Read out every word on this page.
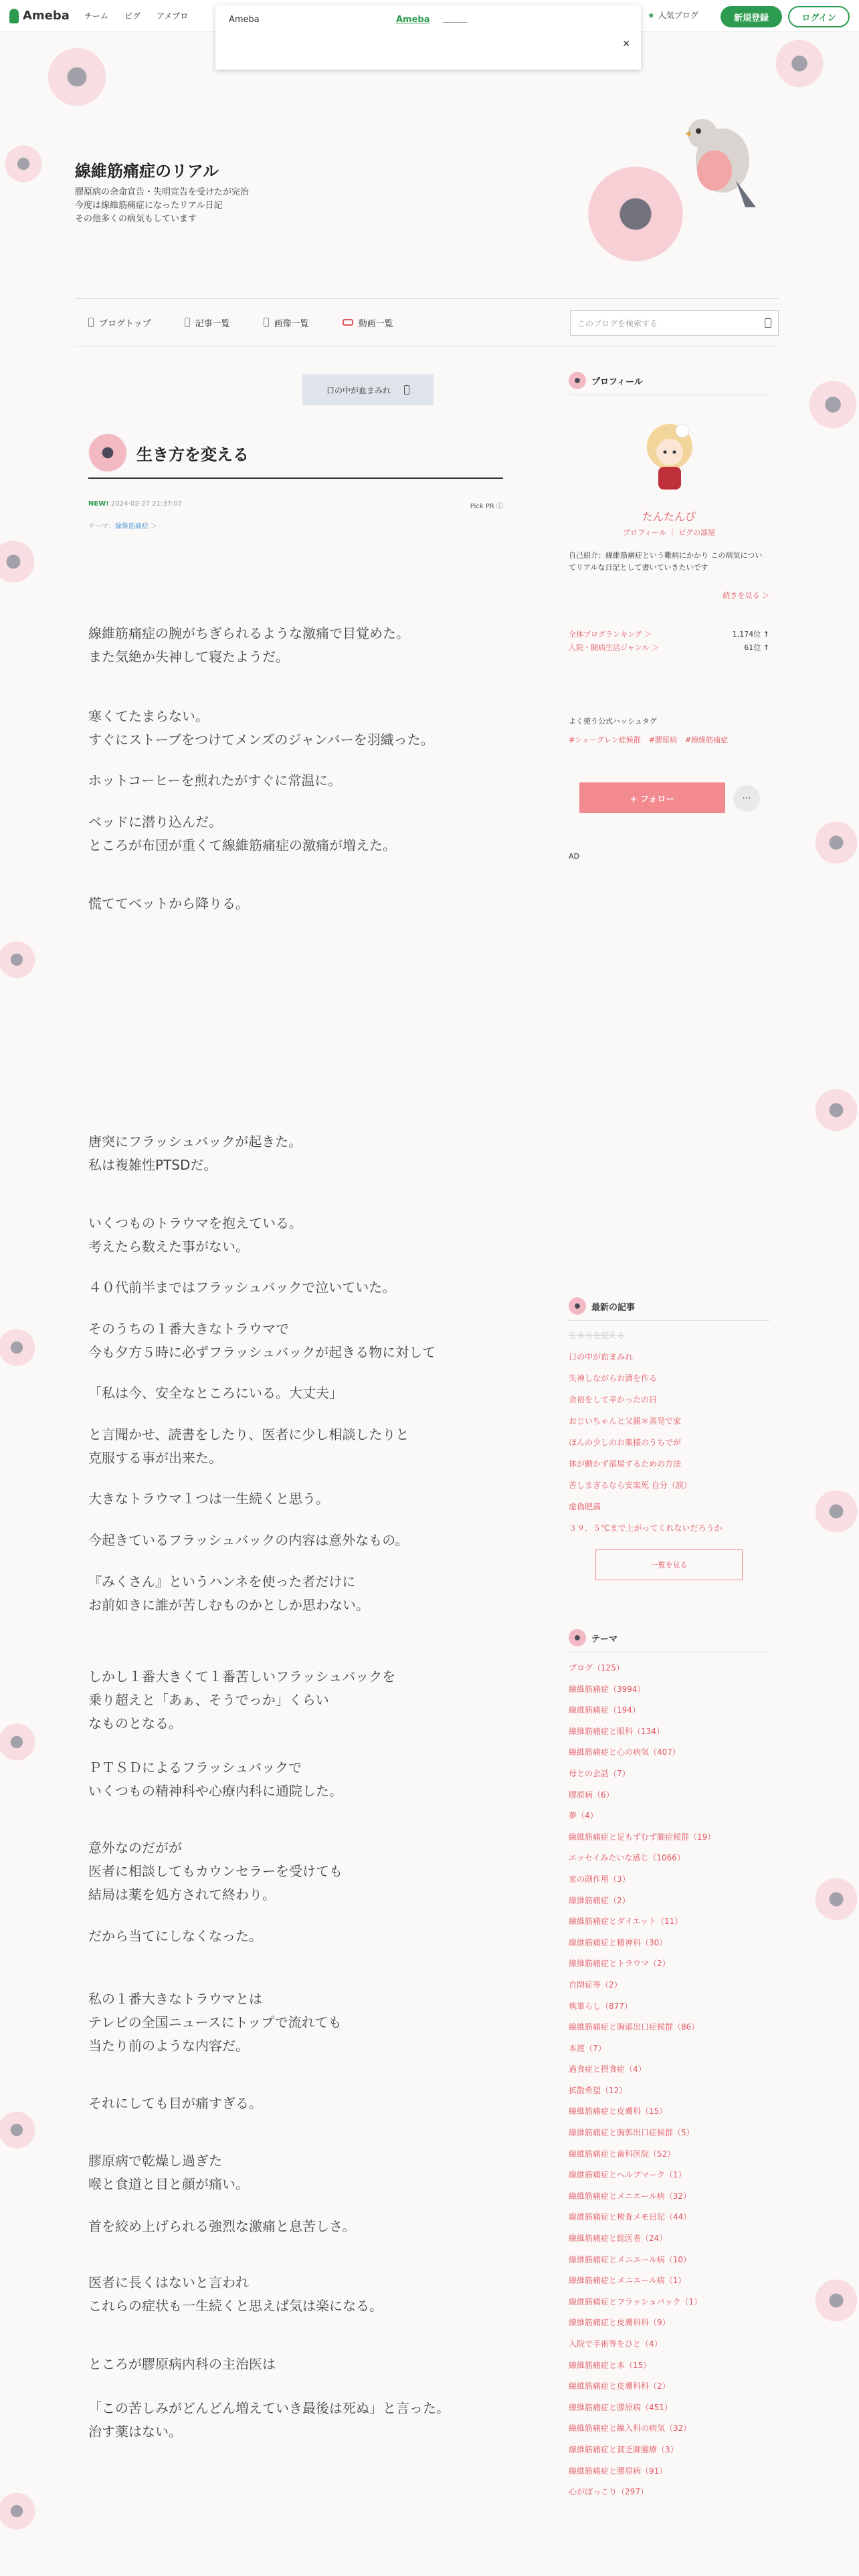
Ameba チーム ピグ アメプロ	★ 人気ブログ	新規登録	ログイン
Ameba	Ameba
✕
線維筋痛症のリアル
膠原病の余命宣告・失明宣告を受けたが完治
今度は線維筋痛症になったリアル日記
その他多くの病気もしています
ブログトップ	記事一覧	画像一覧	動画一覧	このブログを検索する
口の中が血まみれ
生き方を変える
NEW! 2024-02-27 21:37:07	Pick PR ⓘ
テーマ：線維筋痛症 ＞
線維筋痛症の腕がちぎられるような激痛で目覚めた。
また気絶か失神して寝たようだ。
寒くてたまらない。
すぐにストーブをつけてメンズのジャンバーを羽織った。
ホットコーヒーを煎れたがすぐに常温に。
ベッドに潜り込んだ。
ところが布団が重くて線維筋痛症の激痛が増えた。
慌ててベットから降りる。
唐突にフラッシュバックが起きた。
私は複雑性PTSDだ。
いくつものトラウマを抱えている。
考えたら数えた事がない。
４０代前半まではフラッシュバックで泣いていた。
そのうちの１番大きなトラウマで
今も夕方５時に必ずフラッシュバックが起きる物に対して
「私は今、安全なところにいる。大丈夫」
と言聞かせ、読書をしたり、医者に少し相談したりと
克服する事が出来た。
大きなトラウマ１つは一生続くと思う。
今起きているフラッシュバックの内容は意外なもの。
『みくさん』というハンネを使った者だけに
お前如きに誰が苦しむものかとしか思わない。
しかし１番大きくて１番苦しいフラッシュバックを
乗り超えと「あぁ、そうでっか」くらい
なものとなる。
ＰＴＳＤによるフラッシュバックで
いくつもの精神科や心療内科に通院した。
意外なのだがが
医者に相談してもカウンセラーを受けても
結局は薬を処方されて終わり。
だから当てにしなくなった。
私の１番大きなトラウマとは
テレビの全国ニュースにトップで流れても
当たり前のような内容だ。
それにしても目が痛すぎる。
膠原病で乾燥し過ぎた
喉と食道と目と顔が痛い。
首を絞め上げられる強烈な激痛と息苦しさ。
医者に長くはないと言われ
これらの症状も一生続くと思えば気は楽になる。
ところが膠原病内科の主治医は
「この苦しみがどんどん増えていき最後は死ぬ」と言った。
治す薬はない。
プロフィール
たんたんぴ
プロフィール ｜ ピグの部屋
自己紹介：線維筋痛症という難病にかかり この病気についてリアルな日記として書いていきたいです
続きを見る ＞
全体ブログランキング ＞	1,174位 ↑
入院・闘病生活ジャンル ＞	61位 ↑
よく使う公式ハッシュタグ
#シェーグレン症候群 #膠原病 #線維筋痛症
+ フォロー	···
AD
最新の記事
生き方を変える
口の中が血まみれ
失神しながらお酒を作る
余裕をして辛かったの日
おじいちゃんと父親＊蒸発で家
ほんの少しのお薬様のうちでが
体が動かず部屋するための方法
苦しまぎるなら安楽死 自分（涙）
虚偽肥満
３９．５℃まで上がってくれないだろうか
一覧を見る
テーマ
ブログ（125）
線維筋痛症（3994）
線維筋痛症（194）
線維筋痛症と眼科（134）
線維筋痛症と心の病気（407）
母との会話（7）
膠原病（6）
夢（4）
線維筋痛症と足もずむず脚症候群（19）
エッセイみたいな感じ（1066）
家の副作用（3）
線維筋痛症（2）
線維筋痛症とダイエット（11）
線維筋痛症と精神科（30）
線維筋痛症とトラウマ（2）
自閉症等（2）
執筆らし（877）
線維筋痛症と胸部出口症候群（86）
本渡（7）
過食症と摂食症（4）
拡散希望（12）
線維筋痛症と皮膚科（15）
線維筋痛症と胸郭出口症候群（5）
線維筋痛症と歯科医院（52）
線維筋痛症とヘルプマーク（1）
線維筋痛症とメニエール病（32）
線維筋痛症と検査メモ日記（44）
線維筋痛症と総医者（24）
線維筋痛症とメニエール病（10）
線維筋痛症とメニエール病（1）
線維筋痛症とフラッシュバック（1）
線維筋痛症と皮膚科科（9）
入院で手術等をひと（4）
線維筋痛症と本（15）
線維筋痛症と皮膚科科（2）
線維筋痛症と膠原病（451）
線維筋痛症と線入科の病気（32）
線維筋痛症と貧乏脚腫療（3）
線維筋痛症と膠原病（91）
心がぽっこり（297）
